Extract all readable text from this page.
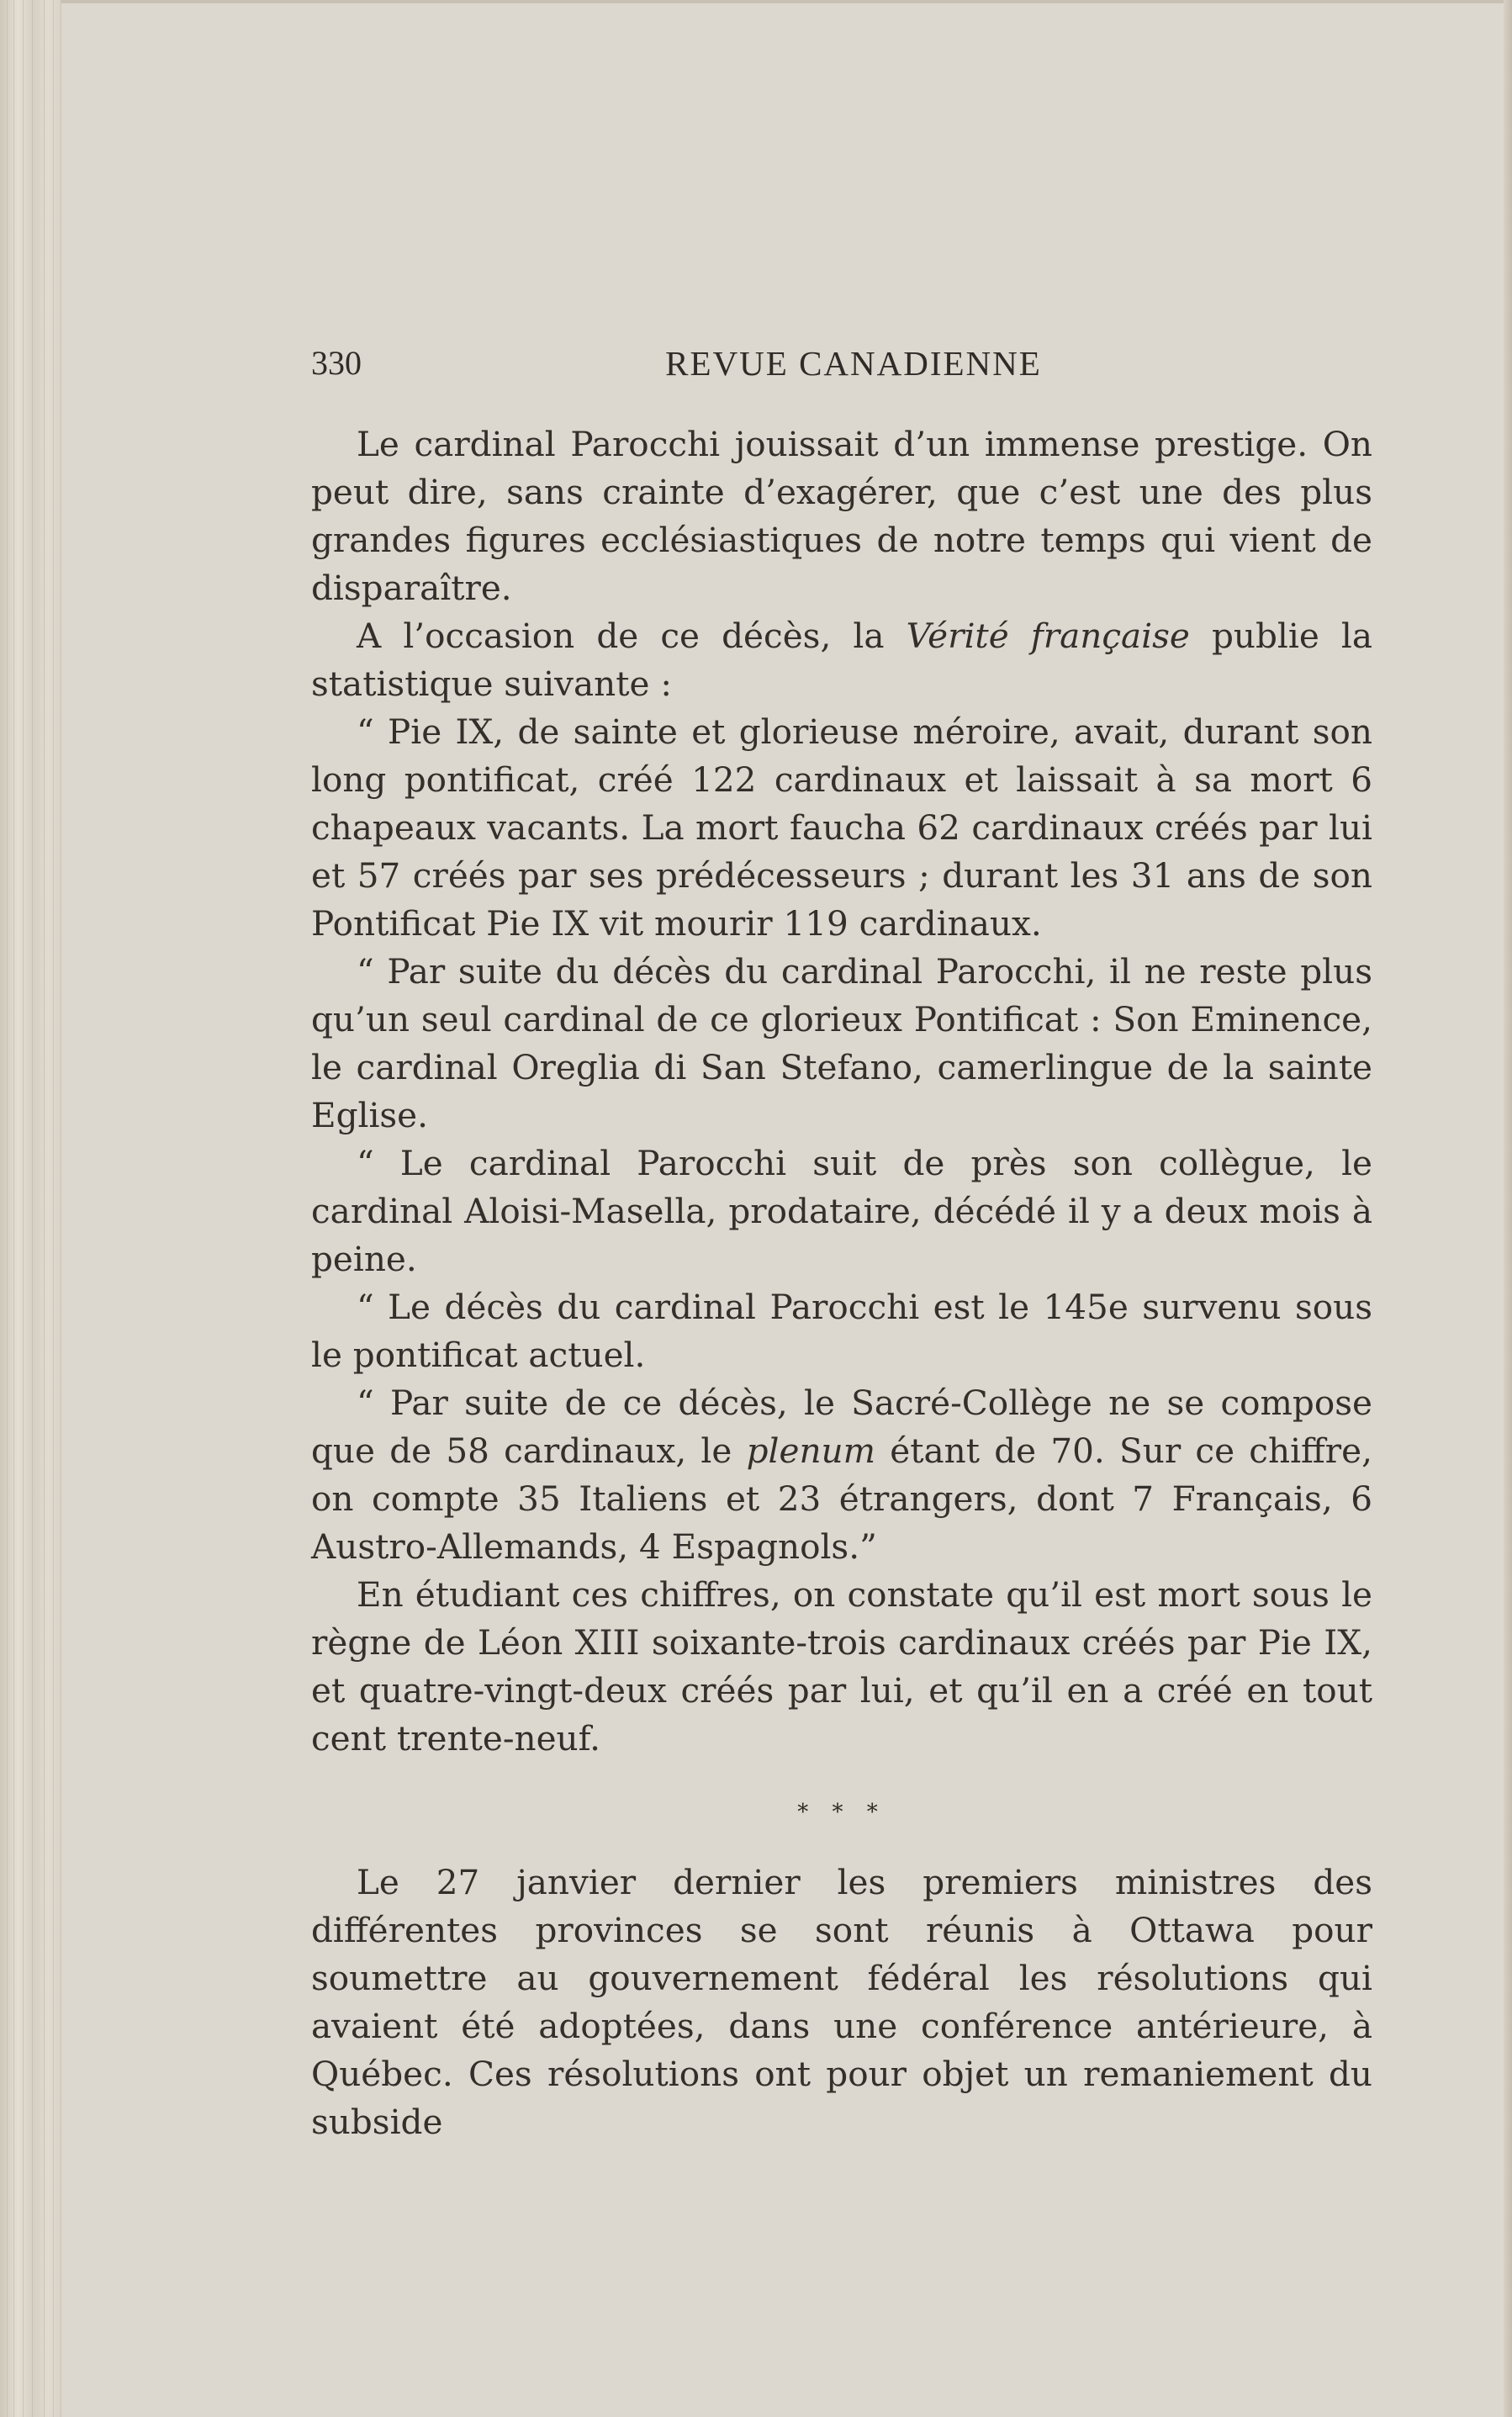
330	REVUE CANADIENNE

Le cardinal Parocchi jouissait d’un immense prestige. On peut dire, sans crainte d’exagérer, que c’est une des plus grandes figures ecclésiastiques de notre temps qui vient de disparaître.

A l’occasion de ce décès, la Vérité française publie la statistique suivante :

“ Pie IX, de sainte et glorieuse méroire, avait, durant son long pontificat, créé 122 cardinaux et laissait à sa mort 6 chapeaux vacants. La mort faucha 62 cardinaux créés par lui et 57 créés par ses prédécesseurs ; durant les 31 ans de son Pontificat Pie IX vit mourir 119 cardinaux.

“ Par suite du décès du cardinal Parocchi, il ne reste plus qu’un seul cardinal de ce glorieux Pontificat : Son Eminence, le cardinal Oreglia di San Stefano, camerlingue de la sainte Eglise.

“ Le cardinal Parocchi suit de près son collègue, le cardinal Aloisi-Masella, prodataire, décédé il y a deux mois à peine.

“ Le décès du cardinal Parocchi est le 145e survenu sous le pontificat actuel.

“ Par suite de ce décès, le Sacré-Collège ne se compose que de 58 cardinaux, le plenum étant de 70. Sur ce chiffre, on compte 35 Italiens et 23 étrangers, dont 7 Français, 6 Austro-Allemands, 4 Espagnols.”

En étudiant ces chiffres, on constate qu’il est mort sous le règne de Léon XIII soixante-trois cardinaux créés par Pie IX, et quatre-vingt-deux créés par lui, et qu’il en a créé en tout cent trente-neuf.

* * *

Le 27 janvier dernier les premiers ministres des différentes provinces se sont réunis à Ottawa pour soumettre au gouvernement fédéral les résolutions qui avaient été adoptées, dans une conférence antérieure, à Québec. Ces résolutions ont pour objet un remaniement du subside
